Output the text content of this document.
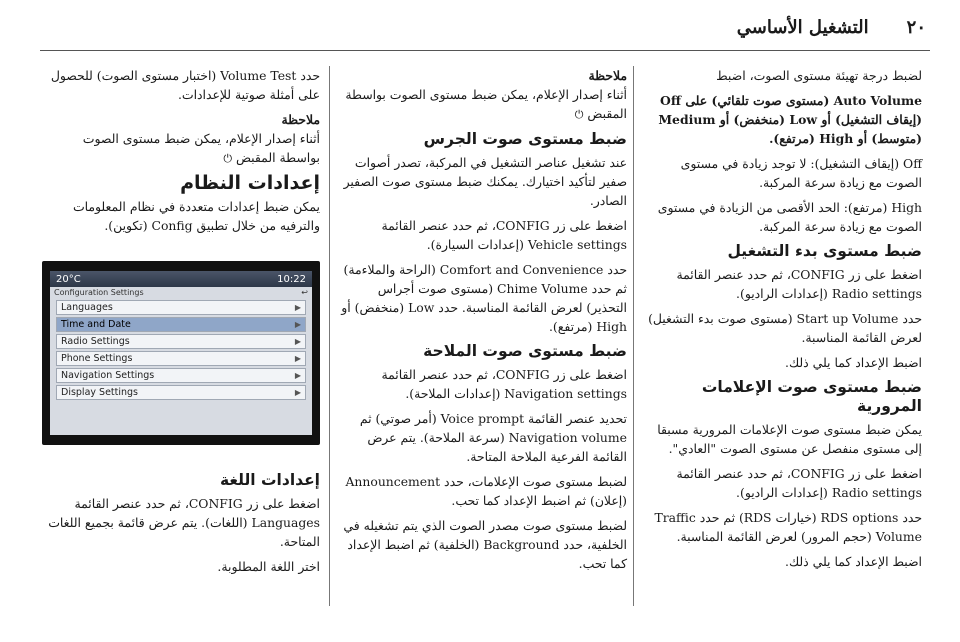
٢٠
التشغيل الأساسي
لضبط درجة تهيئة مستوى الصوت، اضبط
Auto Volume (مستوى صوت تلقائي) على Off (إيقاف التشغيل) أو Low (منخفض) أو Medium (متوسط) أو High (مرتفع).
Off (إيقاف التشغيل): لا توجد زيادة في مستوى الصوت مع زيادة سرعة المركبة.
High (مرتفع): الحد الأقصى من الزيادة في مستوى الصوت مع زيادة سرعة المركبة.
ضبط مستوى بدء التشغيل
اضغط على زر CONFIG، ثم حدد عنصر القائمة Radio settings (إعدادات الراديو).
حدد Start up Volume (مستوى صوت بدء التشغيل) لعرض القائمة المناسبة.
اضبط الإعداد كما يلي ذلك.
ضبط مستوى صوت الإعلامات المرورية
يمكن ضبط مستوى صوت الإعلامات المرورية مسبقا إلى مستوى منفصل عن مستوى الصوت "العادي".
اضغط على زر CONFIG، ثم حدد عنصر القائمة Radio settings (إعدادات الراديو).
حدد RDS options (خيارات RDS) ثم حدد Traffic Volume (حجم المرور) لعرض القائمة المناسبة.
اضبط الإعداد كما يلي ذلك.
ملاحظة
أثناء إصدار الإعلام، يمكن ضبط مستوى الصوت بواسطة المقبض ⏻
ضبط مستوى صوت الجرس
عند تشغيل عناصر التشغيل في المركبة، تصدر أصوات صفير لتأكيد اختيارك. يمكنك ضبط مستوى صوت الصفير الصادر.
اضغط على زر CONFIG، ثم حدد عنصر القائمة Vehicle settings (إعدادات السيارة).
حدد Comfort and Convenience (الراحة والملاءمة) ثم حدد Chime Volume (مستوى صوت أجراس التحذير) لعرض القائمة المناسبة. حدد Low (منخفض) أو High (مرتفع).
ضبط مستوى صوت الملاحة
اضغط على زر CONFIG، ثم حدد عنصر القائمة Navigation settings (إعدادات الملاحة).
تحديد عنصر القائمة Voice prompt (أمر صوتي) ثم Navigation volume (سرعة الملاحة). يتم عرض القائمة الفرعية الملاحة المتاحة.
لضبط مستوى صوت الإعلامات، حدد Announcement (إعلان) ثم اضبط الإعداد كما تحب.
لضبط مستوى صوت مصدر الصوت الذي يتم تشغيله في الخلفية، حدد Background (الخلفية) ثم اضبط الإعداد كما تحب.
حدد Volume Test (اختبار مستوى الصوت) للحصول على أمثلة صوتية للإعدادات.
ملاحظة
أثناء إصدار الإعلام، يمكن ضبط مستوى الصوت بواسطة المقبض ⏻
إعدادات النظام
يمكن ضبط إعدادات متعددة في نظام المعلومات والترفيه من خلال تطبيق Config (تكوين).
20°C	10:22
Configuration Settings	↩
Languages	▶
Time and Date	▶
Radio Settings	▶
Phone Settings	▶
Navigation Settings	▶
Display Settings	▶
إعدادات اللغة
اضغط على زر CONFIG، ثم حدد عنصر القائمة Languages (اللغات). يتم عرض قائمة بجميع اللغات المتاحة.
اختر اللغة المطلوبة.
